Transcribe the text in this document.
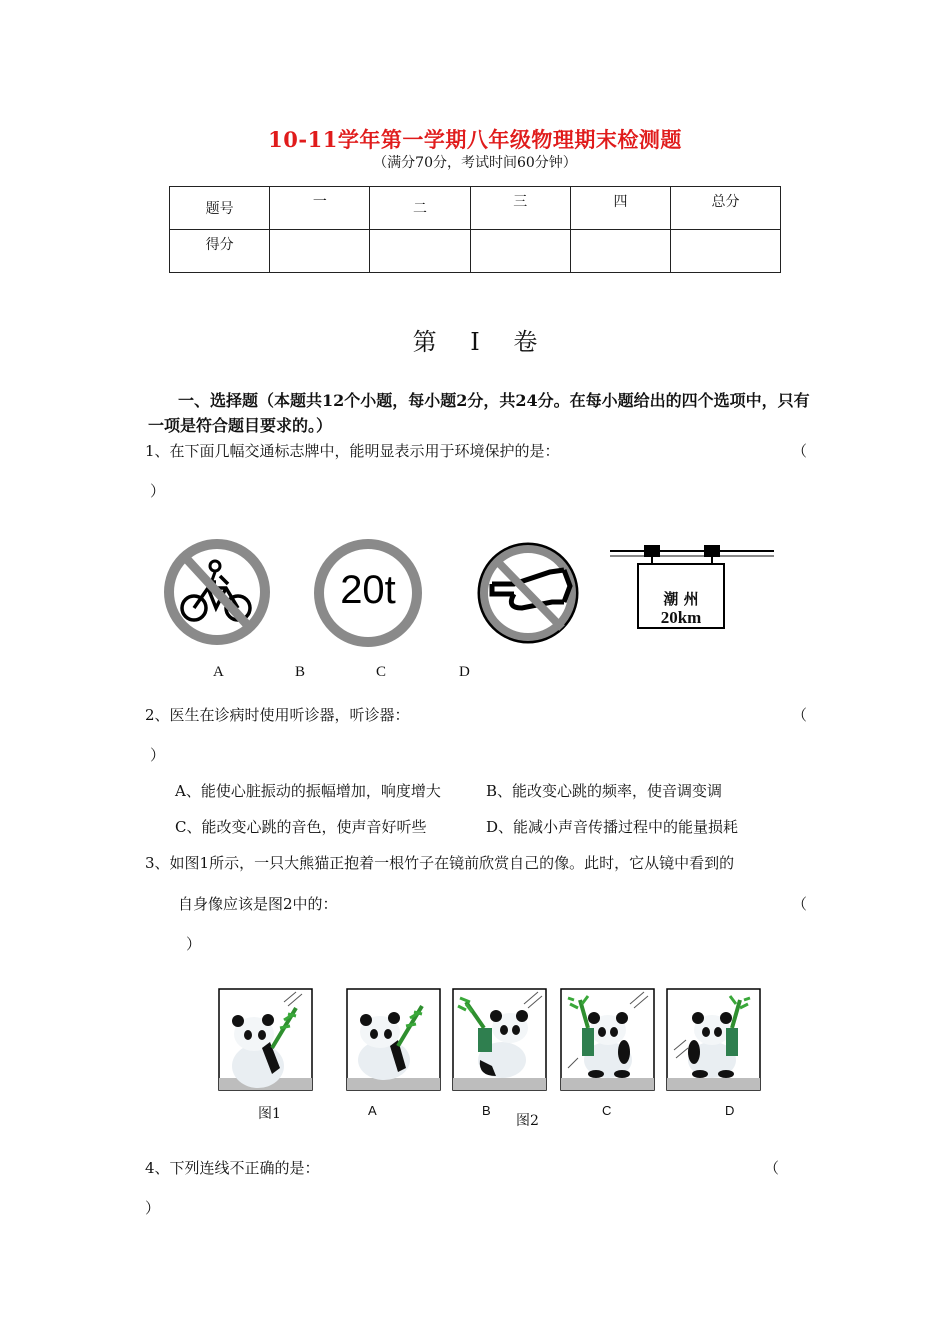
10-11学年第一学期八年级物理期末检测题
（满分70分，考试时间60分钟）
题号	一	二	三	四	总分
得分					
第 I 卷
一、选择题（本题共12个小题，每小题2分，共24分。在每小题给出的四个选项中，只有一项是符合题目要求的。）
1、在下面几幅交通标志牌中，能明显表示用于环境保护的是：	（
）
20t	潮 州
20km
A	B	C	D
2、医生在诊病时使用听诊器，听诊器：	（
）
A、能使心脏振动的振幅增加，响度增大	B、能改变心跳的频率，使音调变调
C、能改变心跳的音色，使声音好听些	D、能减小声音传播过程中的能量损耗
3、如图1所示，一只大熊猫正抱着一根竹子在镜前欣赏自己的像。此时，它从镜中看到的
自身像应该是图2中的：	（
）
图1	A	B
图2
C	D
4、下列连线不正确的是：	（
）
